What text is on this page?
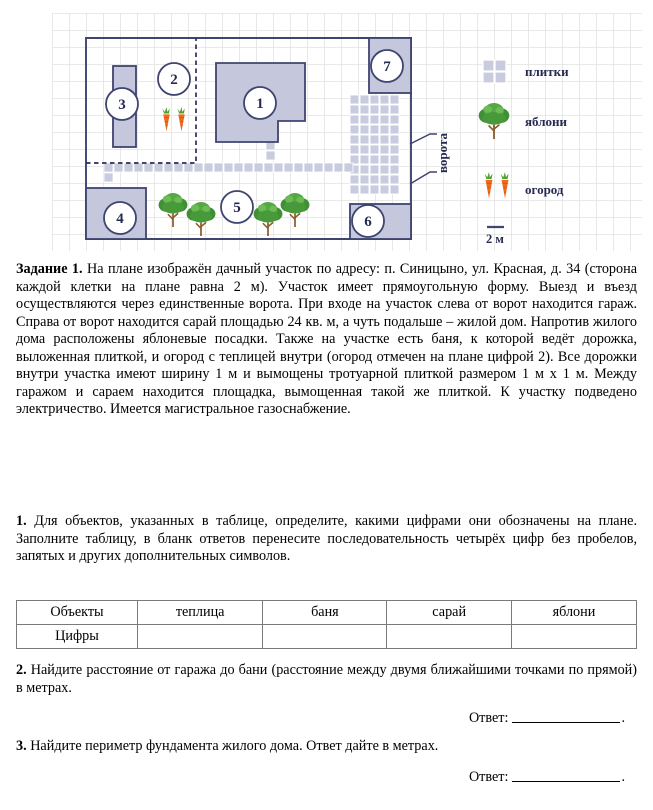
ворота
1
2
3
4
5
6
7	плитки
яблони
огород
2 м
Задание 1. На плане изображён дачный участок по адресу: п. Синицыно, ул. Красная, д. 34 (сторона каждой клетки на плане равна 2 м). Участок имеет прямоугольную форму. Выезд и въезд осуществляются через единственные ворота. При входе на участок слева от ворот находится гараж. Справа от ворот находится сарай площадью 24 кв. м, а чуть подальше – жилой дом. Напротив жилого дома расположены яблоневые посадки. Также на участке есть баня, к которой ведёт дорожка, выложенная плиткой, и огород с теплицей внутри (огород отмечен на плане цифрой 2). Все дорожки внутри участка имеют ширину 1 м и вымощены тротуарной плиткой размером 1 м х 1 м. Между гаражом и сараем находится площадка, вымощенная такой же плиткой. К участку подведено электричество. Имеется магистральное газоснабжение.
1. Для объектов, указанных в таблице, определите, какими цифрами они обозначены на плане. Заполните таблицу, в бланк ответов перенесите последовательность четырёх цифр без пробелов, запятых и других дополнительных символов.
Объекты	теплица	баня	сарай	яблони
Цифры				
2. Найдите расстояние от гаража до бани (расстояние между двумя ближайшими точками по прямой) в метрах.
Ответ:	.
3. Найдите периметр фундамента жилого дома. Ответ дайте в метрах.
Ответ:	.
